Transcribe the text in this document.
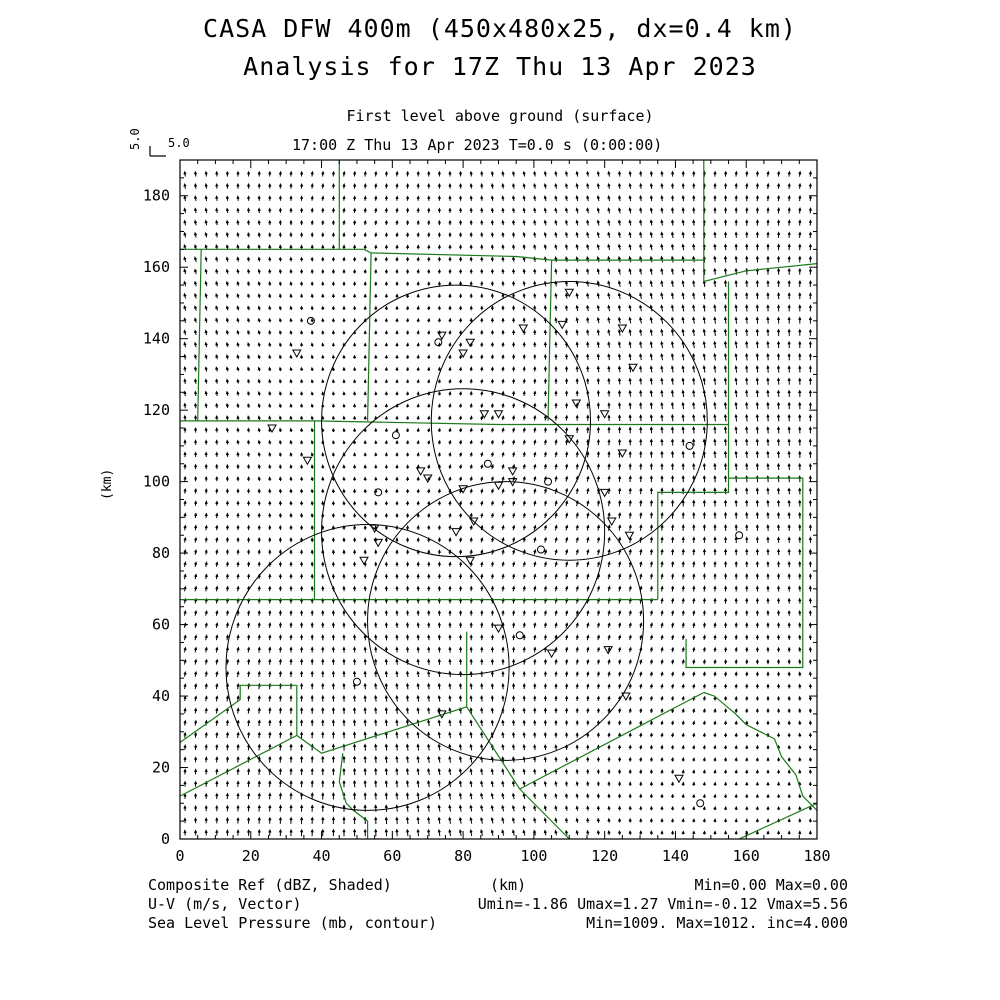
CASA DFW 400m (450x480x25, dx=0.4 km)
Analysis for 17Z Thu 13 Apr 2023
First level above ground (surface)
17:00 Z Thu 13 Apr 2023 T=0.0 s (0:00:00)
5.0 5.0
(km)
0	20	40	60	80	100	120	140	160	180
0
20
40
60
80
100
120
140
160
180
(km)
Composite Ref (dBZ, Shaded)	Min=0.00 Max=0.00
U-V (m/s, Vector)	Umin=-1.86 Umax=1.27 Vmin=-0.12 Vmax=5.56
Sea Level Pressure (mb, contour)	Min=1009. Max=1012. inc=4.000
